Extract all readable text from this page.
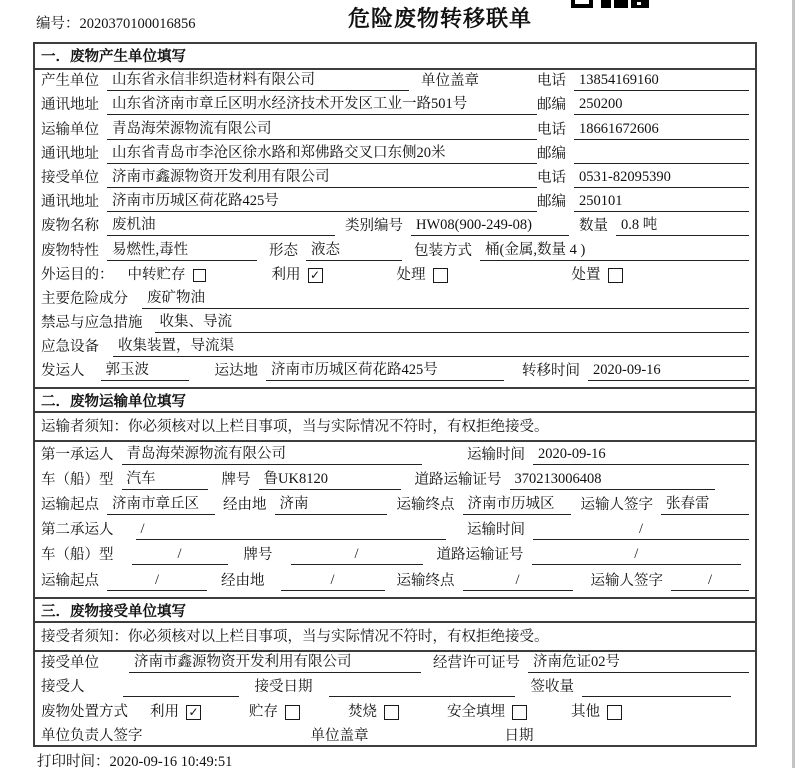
编号：2020370100016856	危险废物转移联单
一．废物产生单位填写
产生单位 山东省永信非织造材料有限公司	单位盖章	电话 13854169160
通讯地址 山东省济南市章丘区明水经济技术开发区工业一路501号	邮编 250200
运输单位 青岛海荣源物流有限公司	电话 18661672606
通讯地址 山东省青岛市李沧区徐水路和郑佛路交叉口东侧20米	邮编
接受单位 济南市鑫源物资开发利用有限公司	电话 0531-82095390
通讯地址 济南市历城区荷花路425号	邮编 250101
废物名称 废机油	类别编号 HW08(900-249-08)	数量 0.8 吨
废物特性 易燃性,毒性	形态 液态	包装方式 桶(金属,数量 4 )
外运目的： 中转贮存	利用 ✓	处理	处置
主要危险成分	废矿物油
禁忌与应急措施	收集、导流
应急设备	收集装置，导流渠
发运人	郭玉波	运达地 济南市历城区荷花路425号	转移时间 2020-09-16
二．废物运输单位填写
运输者须知：你必须核对以上栏目事项，当与实际情况不符时，有权拒绝接受。
第一承运人 青岛海荣源物流有限公司	运输时间 2020-09-16
车（船）型 汽车	牌号 鲁UK8120	道路运输证号 370213006408
运输起点 济南市章丘区	经由地 济南	运输终点 济南市历城区	运输人签字 张春雷
第二承运人	/	运输时间	/
车（船）型	/	牌号	/	道路运输证号	/
运输起点	/	经由地	/	运输终点	/	运输人签字	/
三．废物接受单位填写
接受者须知：你必须核对以上栏目事项，当与实际情况不符时，有权拒绝接受。
接受单位	济南市鑫源物资开发利用有限公司	经营许可证号 济南危证02号
接受人	接受日期	签收量
废物处置方式 利用 ✓	贮存	焚烧	安全填埋	其他
单位负责人签字	单位盖章	日期
打印时间：2020-09-16 10:49:51
